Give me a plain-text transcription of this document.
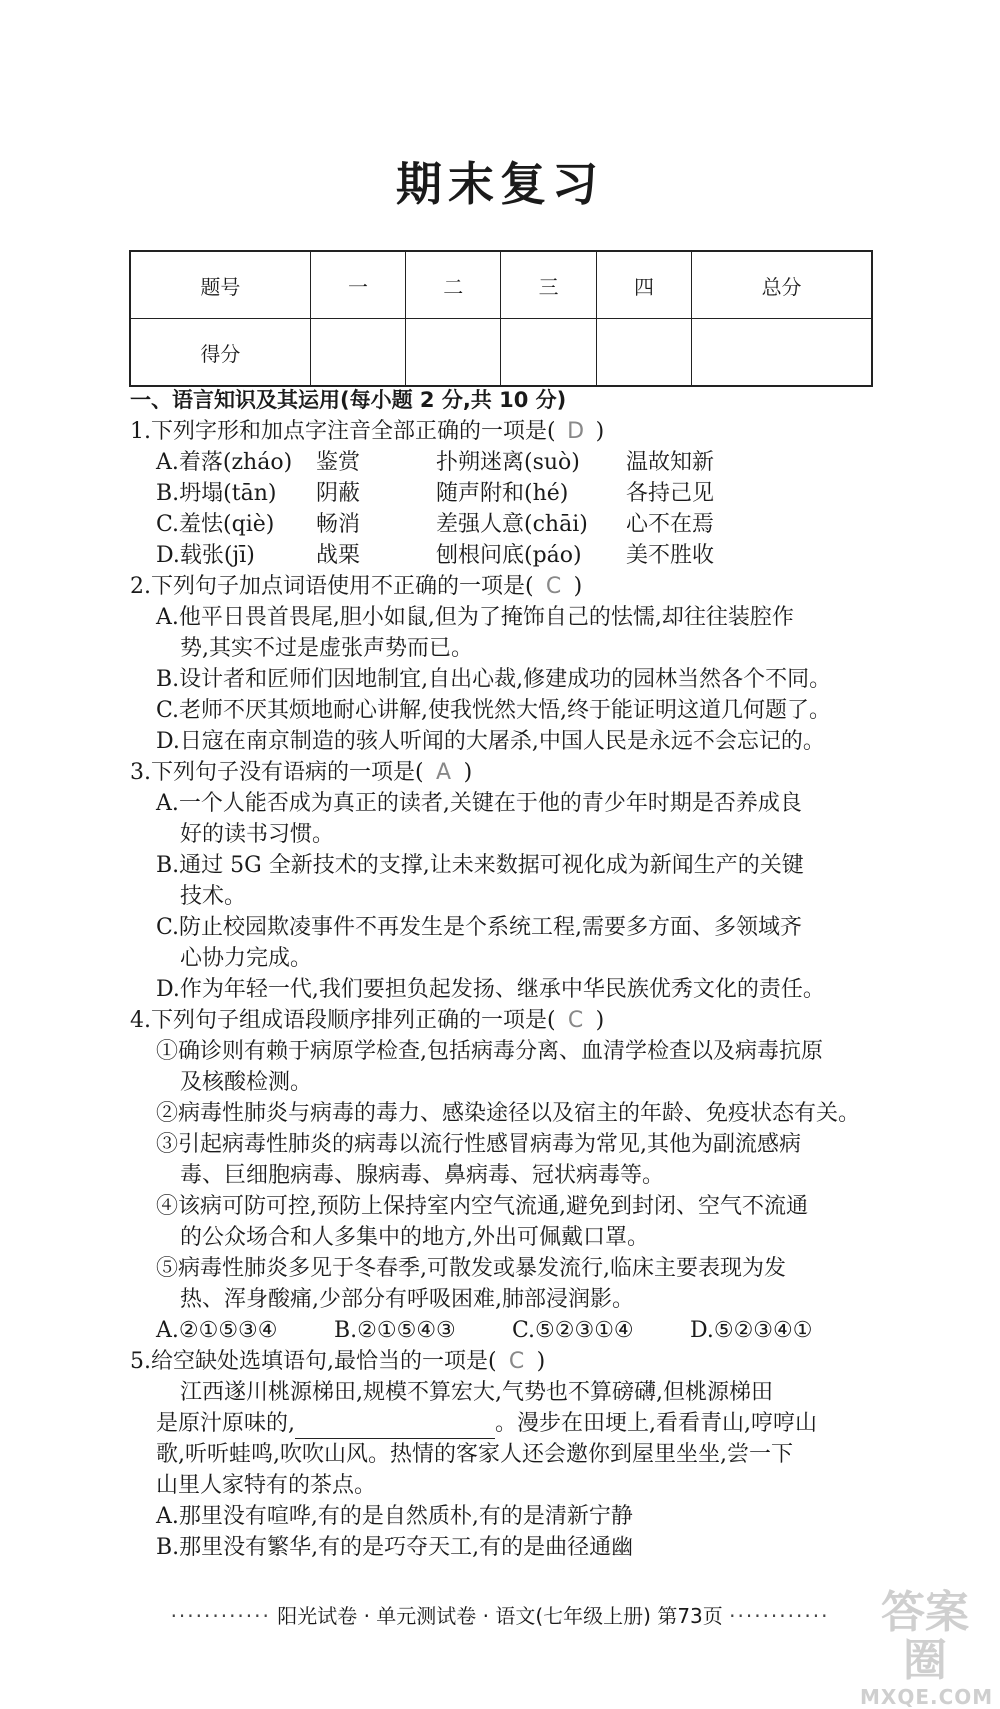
期末复习
题号	一	二	三	四	总分
得分					
一、语言知识及其运用(每小题 2 分,共 10 分)
1.下列字形和加点字注音全部正确的一项是( D )
A.着落(zháo)	鉴赏	扑朔迷离(suò)	温故知新
B.坍塌(tān)	阴蔽	随声附和(hé)	各持己见
C.羞怯(qiè)	畅消	差强人意(chāi)	心不在焉
D.载张(jī)	战栗	刨根问底(páo)	美不胜收
2.下列句子加点词语使用不正确的一项是( C )
A.他平日畏首畏尾,胆小如鼠,但为了掩饰自己的怯懦,却往往装腔作
势,其实不过是虚张声势而已。
B.设计者和匠师们因地制宜,自出心裁,修建成功的园林当然各个不同。
C.老师不厌其烦地耐心讲解,使我恍然大悟,终于能证明这道几何题了。
D.日寇在南京制造的骇人听闻的大屠杀,中国人民是永远不会忘记的。
3.下列句子没有语病的一项是( A )
A.一个人能否成为真正的读者,关键在于他的青少年时期是否养成良
好的读书习惯。
B.通过 5G 全新技术的支撑,让未来数据可视化成为新闻生产的关键
技术。
C.防止校园欺凌事件不再发生是个系统工程,需要多方面、多领域齐
心协力完成。
D.作为年轻一代,我们要担负起发扬、继承中华民族优秀文化的责任。
4.下列句子组成语段顺序排列正确的一项是( C )
①确诊则有赖于病原学检查,包括病毒分离、血清学检查以及病毒抗原
及核酸检测。
②病毒性肺炎与病毒的毒力、感染途径以及宿主的年龄、免疫状态有关。
③引起病毒性肺炎的病毒以流行性感冒病毒为常见,其他为副流感病
毒、巨细胞病毒、腺病毒、鼻病毒、冠状病毒等。
④该病可防可控,预防上保持室内空气流通,避免到封闭、空气不流通
的公众场合和人多集中的地方,外出可佩戴口罩。
⑤病毒性肺炎多见于冬春季,可散发或暴发流行,临床主要表现为发
热、浑身酸痛,少部分有呼吸困难,肺部浸润影。
A.②①⑤③④	B.②①⑤④③	C.⑤②③①④	D.⑤②③④①
5.给空缺处选填语句,最恰当的一项是( C )
江西遂川桃源梯田,规模不算宏大,气势也不算磅礴,但桃源梯田
是原汁原味的,	。漫步在田埂上,看看青山,哼哼山
歌,听听蛙鸣,吹吹山风。热情的客家人还会邀你到屋里坐坐,尝一下
山里人家特有的茶点。
A.那里没有喧哗,有的是自然质朴,有的是清新宁静
B.那里没有繁华,有的是巧夺天工,有的是曲径通幽
············ 阳光试卷 · 单元测试卷 · 语文(七年级上册) 第73页 ············	答案圈
MXQE.COM
